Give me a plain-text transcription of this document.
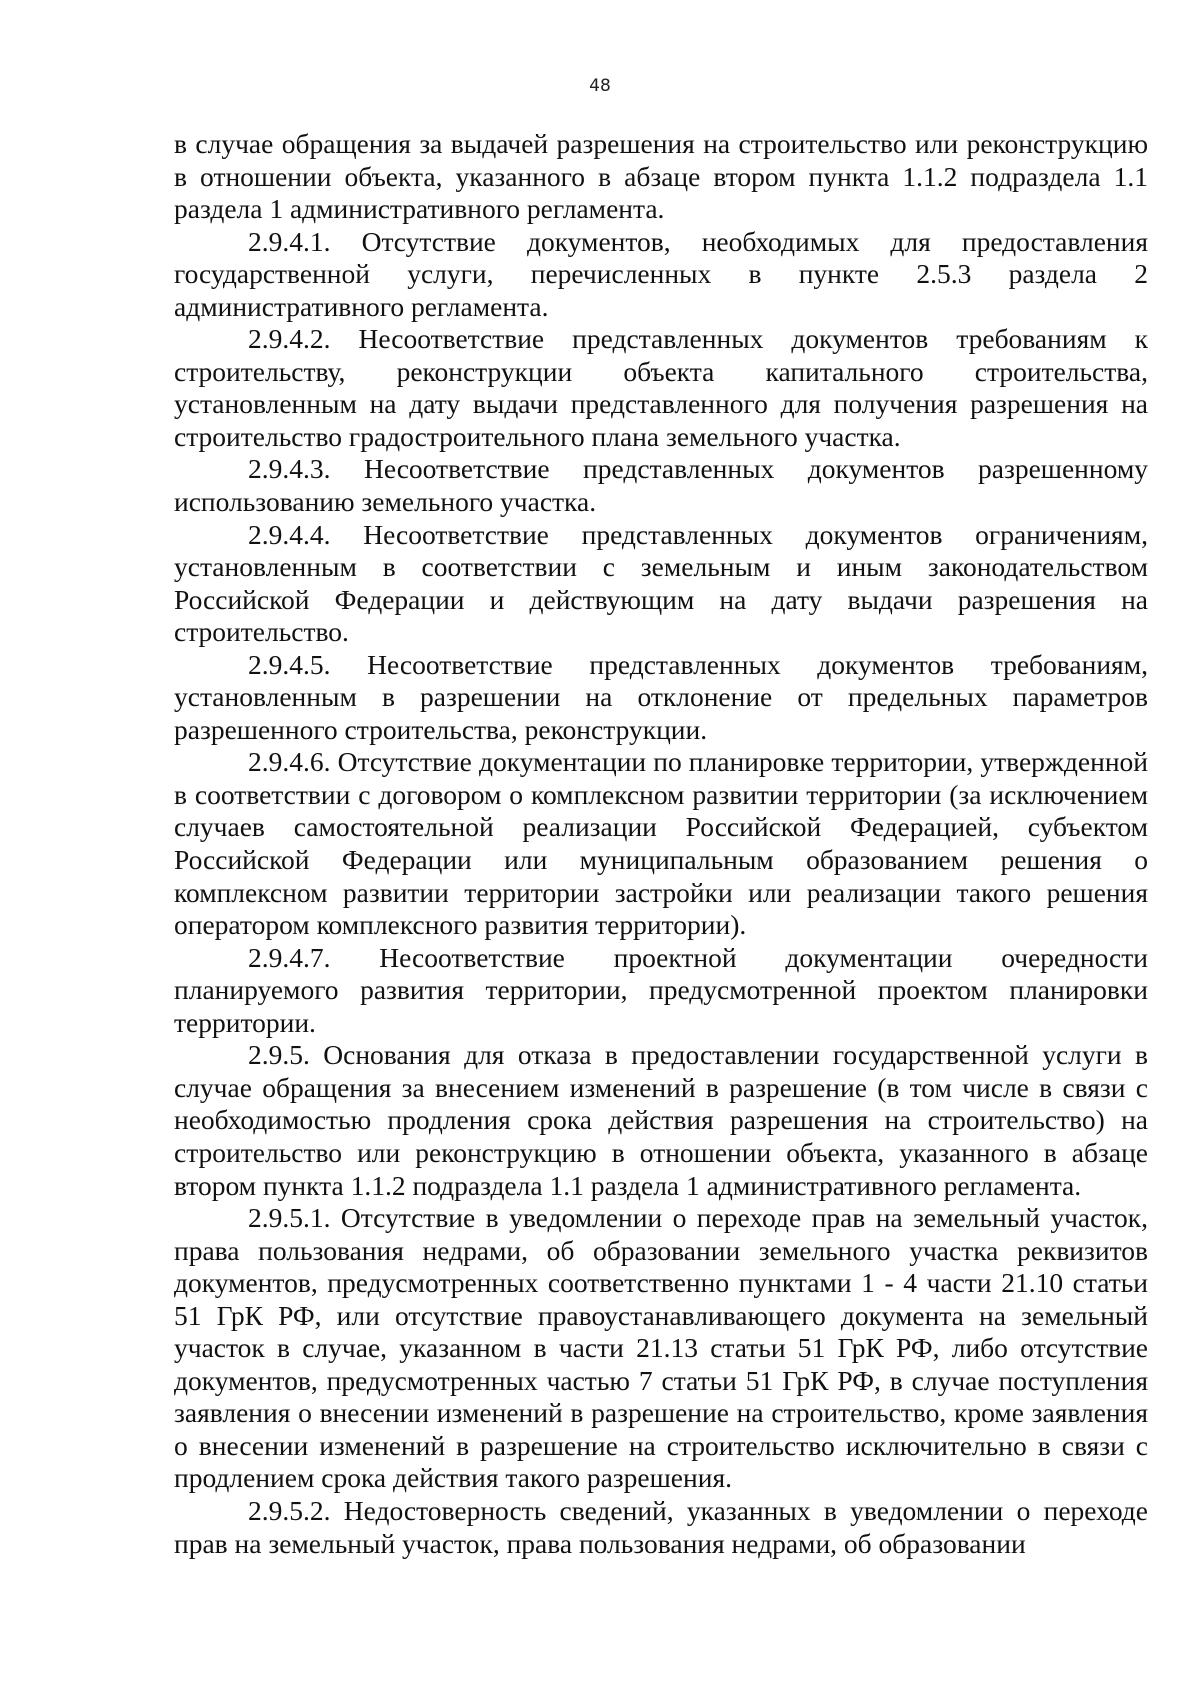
48

в случае обращения за выдачей разрешения на строительство или реконструкцию в отношении объекта, указанного в абзаце втором пункта 1.1.2 подраздела 1.1 раздела 1 административного регламента.

2.9.4.1. Отсутствие документов, необходимых для предоставления государственной услуги, перечисленных в пункте 2.5.3 раздела 2 административного регламента.

2.9.4.2. Несоответствие представленных документов требованиям к строительству, реконструкции объекта капитального строительства, установленным на дату выдачи представленного для получения разрешения на строительство градостроительного плана земельного участка.

2.9.4.3. Несоответствие представленных документов разрешенному использованию земельного участка.

2.9.4.4. Несоответствие представленных документов ограничениям, установленным в соответствии с земельным и иным законодательством Российской Федерации и действующим на дату выдачи разрешения на строительство.

2.9.4.5. Несоответствие представленных документов требованиям, установленным в разрешении на отклонение от предельных параметров разрешенного строительства, реконструкции.

2.9.4.6. Отсутствие документации по планировке территории, утвержденной в соответствии с договором о комплексном развитии территории (за исключением случаев самостоятельной реализации Российской Федерацией, субъектом Российской Федерации или муниципальным образованием решения о комплексном развитии территории застройки или реализации такого решения оператором комплексного развития территории).

2.9.4.7. Несоответствие проектной документации очередности планируемого развития территории, предусмотренной проектом планировки территории.

2.9.5. Основания для отказа в предоставлении государственной услуги в случае обращения за внесением изменений в разрешение (в том числе в связи с необходимостью продления срока действия разрешения на строительство) на строительство или реконструкцию в отношении объекта, указанного в абзаце втором пункта 1.1.2 подраздела 1.1 раздела 1 административного регламента.

2.9.5.1. Отсутствие в уведомлении о переходе прав на земельный участок, права пользования недрами, об образовании земельного участка реквизитов документов, предусмотренных соответственно пунктами 1 - 4 части 21.10 статьи 51 ГрК РФ, или отсутствие правоустанавливающего документа на земельный участок в случае, указанном в части 21.13 статьи 51 ГрК РФ, либо отсутствие документов, предусмотренных частью 7 статьи 51 ГрК РФ, в случае поступления заявления о внесении изменений в разрешение на строительство, кроме заявления о внесении изменений в разрешение на строительство исключительно в связи с продлением срока действия такого разрешения.

2.9.5.2. Недостоверность сведений, указанных в уведомлении о переходе прав на земельный участок, права пользования недрами, об образовании
